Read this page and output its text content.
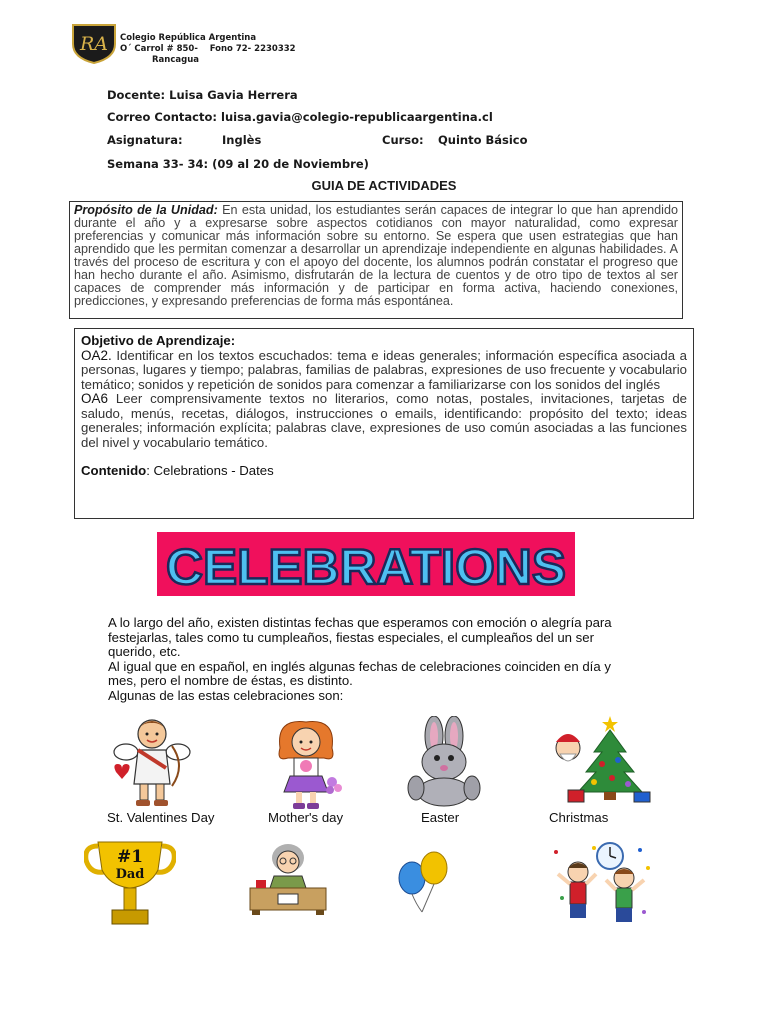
RA Colegio República Argentina
O´ Carrol # 850-    Fono 72- 2230332
Rancagua
Docente: Luisa Gavia Herrera
Correo Contacto: luisa.gavia@colegio-republicaargentina.cl
Asignatura:	Inglès	Curso: Quinto Básico
Semana 33- 34: (09 al 20 de Noviembre)
GUIA DE ACTIVIDADES
Propósito de la Unidad: En esta unidad, los estudiantes serán capaces de integrar lo que han aprendido durante el año y a expresarse sobre aspectos cotidianos con mayor naturalidad, como expresar preferencias y comunicar más información sobre su entorno. Se espera que usen estrategias que han aprendido que les permitan comenzar a desarrollar un aprendizaje independiente en algunas habilidades. A través del proceso de escritura y con el apoyo del docente, los alumnos podrán constatar el progreso que han hecho durante el año. Asimismo, disfrutarán de la lectura de cuentos y de otro tipo de textos al ser capaces de comprender más información y de participar en forma activa, haciendo conexiones, predicciones, y expresando preferencias de forma más espontánea.
Objetivo de Aprendizaje:
OA2. Identificar en los textos escuchados: tema e ideas generales; información específica asociada a personas, lugares y tiempo; palabras, familias de palabras, expresiones de uso frecuente y vocabulario temático; sonidos y repetición de sonidos para comenzar a familiarizarse con los sonidos del inglés
OA6 Leer comprensivamente textos no literarios, como notas, postales, invitaciones, tarjetas de saludo, menús, recetas, diálogos, instrucciones o emails, identificando: propósito del texto; ideas generales; información explícita; palabras clave, expresiones de uso común asociadas a las funciones del nivel y vocabulario temático.
Contenido: Celebrations - Dates
CELEBRATIONS

A lo largo del año, existen distintas fechas que esperamos con emoción o alegría para festejarlas, tales como tu cumpleaños, fiestas especiales, el cumpleaños del un ser querido, etc.

Al igual que en español, en inglés algunas fechas de celebraciones coinciden en día y mes, pero el nombre de éstas, es distinto.

Algunas de las estas celebraciones son:

St. Valentines Day	Mother's day	Easter	Christmas
#1
Dad
